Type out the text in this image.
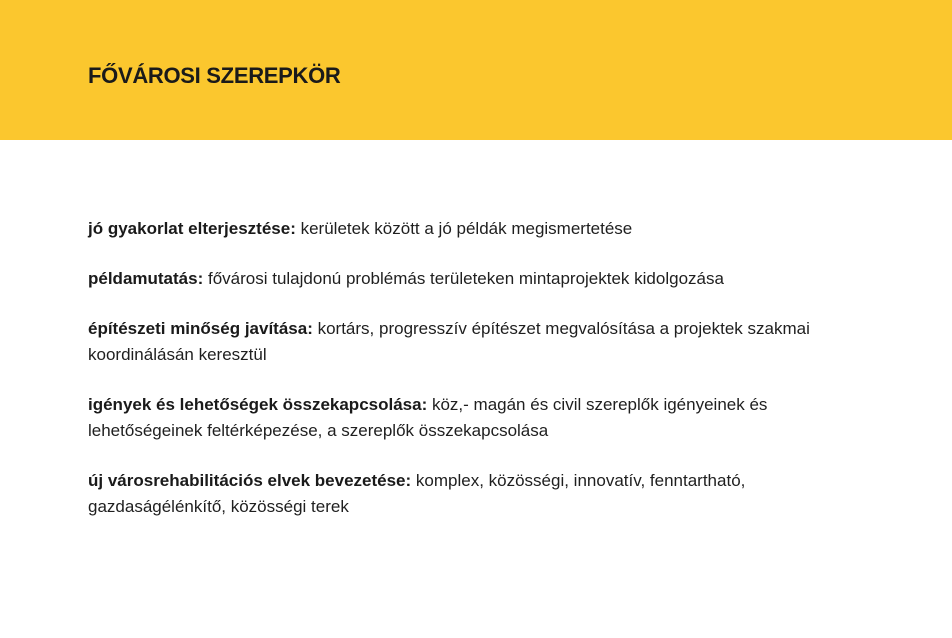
FŐVÁROSI SZEREPKÖR

jó gyakorlat elterjesztése: kerületek között a jó példák megismertetése

példamutatás: fővárosi tulajdonú problémás területeken mintaprojektek kidolgozása

építészeti minőség javítása: kortárs, progresszív építészet megvalósítása a projektek szakmai koordinálásán keresztül

igények és lehetőségek összekapcsolása: köz,- magán és civil szereplők igényeinek és lehetőségeinek feltérképezése, a szereplők összekapcsolása

új városrehabilitációs elvek bevezetése: komplex, közösségi, innovatív, fenntartható, gazdaságélénkítő, közösségi terek
